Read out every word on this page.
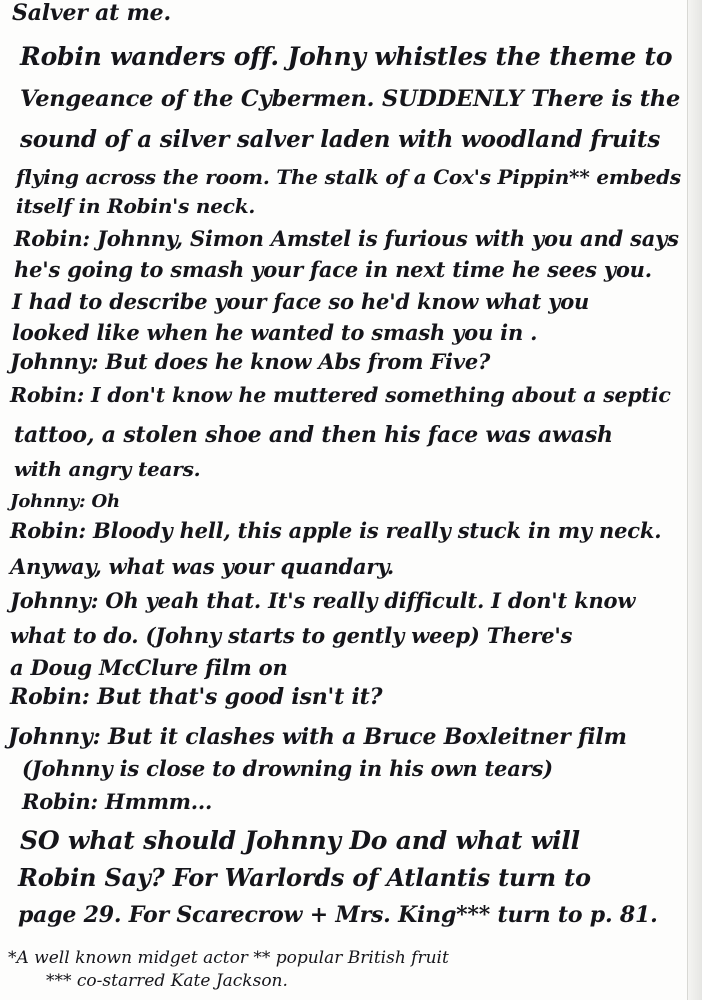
Salver at me.
Robin wanders off. Johny whistles the theme to
Vengeance of the Cybermen. SUDDENLY There is the
sound of a silver salver laden with woodland fruits
flying across the room. The stalk of a Cox's Pippin** embeds
itself in Robin's neck.
Robin: Johnny, Simon Amstel is furious with you and says
he's going to smash your face in next time he sees you.
I had to describe your face so he'd know what you
looked like when he wanted to smash you in .
Johnny: But does he know Abs from Five?
Robin: I don't know he muttered something about a septic
tattoo, a stolen shoe and then his face was awash
with angry tears.
Johnny: Oh
Robin: Bloody hell, this apple is really stuck in my neck.
Anyway, what was your quandary.
Johnny: Oh yeah that. It's really difficult. I don't know
what to do. (Johny starts to gently weep) There's
a Doug McClure film on
Robin: But that's good isn't it?
Johnny: But it clashes with a Bruce Boxleitner film
(Johnny is close to drowning in his own tears)
Robin: Hmmm...
SO what should Johnny Do and what will
Robin Say? For Warlords of Atlantis turn to
page 29. For Scarecrow + Mrs. King*** turn to p. 81.
*A well known midget actor ** popular British fruit
*** co-starred Kate Jackson.
